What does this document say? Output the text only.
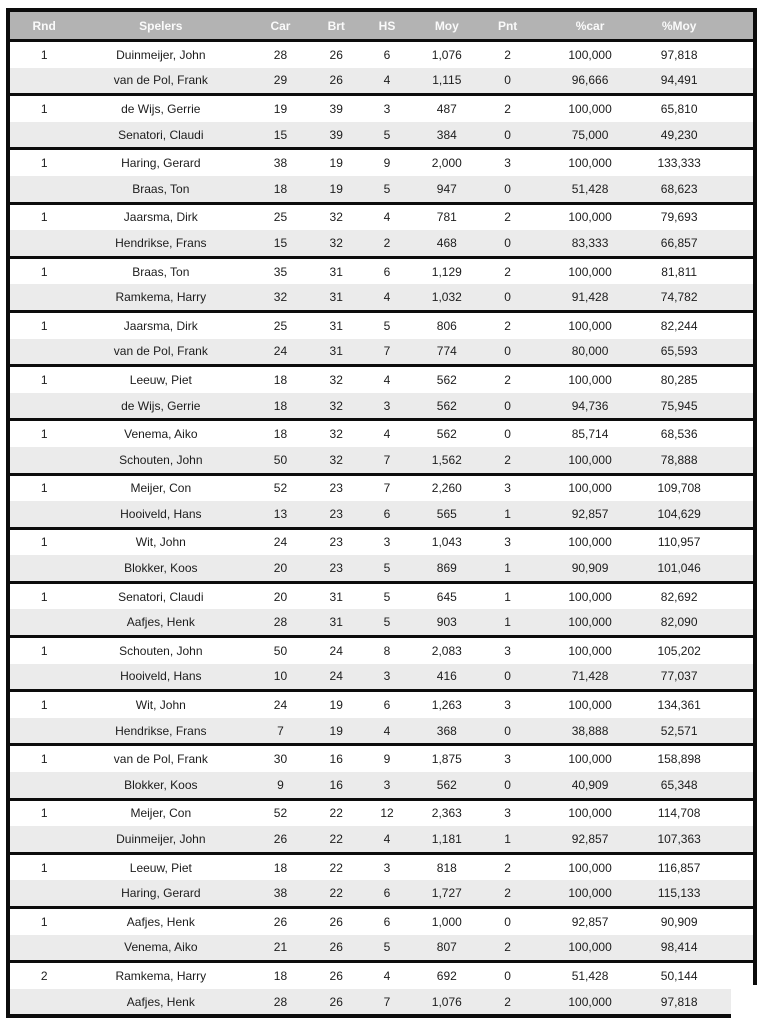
Rnd	Spelers	Car	Brt	HS	Moy	Pnt	%car	%Moy
1	Duinmeijer, John	28	26	6	1,076	2	100,000	97,818
	van de Pol, Frank	29	26	4	1,115	0	96,666	94,491
1	de Wijs, Gerrie	19	39	3	487	2	100,000	65,810
	Senatori, Claudi	15	39	5	384	0	75,000	49,230
1	Haring, Gerard	38	19	9	2,000	3	100,000	133,333
	Braas, Ton	18	19	5	947	0	51,428	68,623
1	Jaarsma, Dirk	25	32	4	781	2	100,000	79,693
	Hendrikse, Frans	15	32	2	468	0	83,333	66,857
1	Braas, Ton	35	31	6	1,129	2	100,000	81,811
	Ramkema, Harry	32	31	4	1,032	0	91,428	74,782
1	Jaarsma, Dirk	25	31	5	806	2	100,000	82,244
	van de Pol, Frank	24	31	7	774	0	80,000	65,593
1	Leeuw, Piet	18	32	4	562	2	100,000	80,285
	de Wijs, Gerrie	18	32	3	562	0	94,736	75,945
1	Venema, Aiko	18	32	4	562	0	85,714	68,536
	Schouten, John	50	32	7	1,562	2	100,000	78,888
1	Meijer, Con	52	23	7	2,260	3	100,000	109,708
	Hooiveld, Hans	13	23	6	565	1	92,857	104,629
1	Wit, John	24	23	3	1,043	3	100,000	110,957
	Blokker, Koos	20	23	5	869	1	90,909	101,046
1	Senatori, Claudi	20	31	5	645	1	100,000	82,692
	Aafjes, Henk	28	31	5	903	1	100,000	82,090
1	Schouten, John	50	24	8	2,083	3	100,000	105,202
	Hooiveld, Hans	10	24	3	416	0	71,428	77,037
1	Wit, John	24	19	6	1,263	3	100,000	134,361
	Hendrikse, Frans	7	19	4	368	0	38,888	52,571
1	van de Pol, Frank	30	16	9	1,875	3	100,000	158,898
	Blokker, Koos	9	16	3	562	0	40,909	65,348
1	Meijer, Con	52	22	12	2,363	3	100,000	114,708
	Duinmeijer, John	26	22	4	1,181	1	92,857	107,363
1	Leeuw, Piet	18	22	3	818	2	100,000	116,857
	Haring, Gerard	38	22	6	1,727	2	100,000	115,133
1	Aafjes, Henk	26	26	6	1,000	0	92,857	90,909
	Venema, Aiko	21	26	5	807	2	100,000	98,414
2	Ramkema, Harry	18	26	4	692	0	51,428	50,144
	Aafjes, Henk	28	26	7	1,076	2	100,000	97,818
